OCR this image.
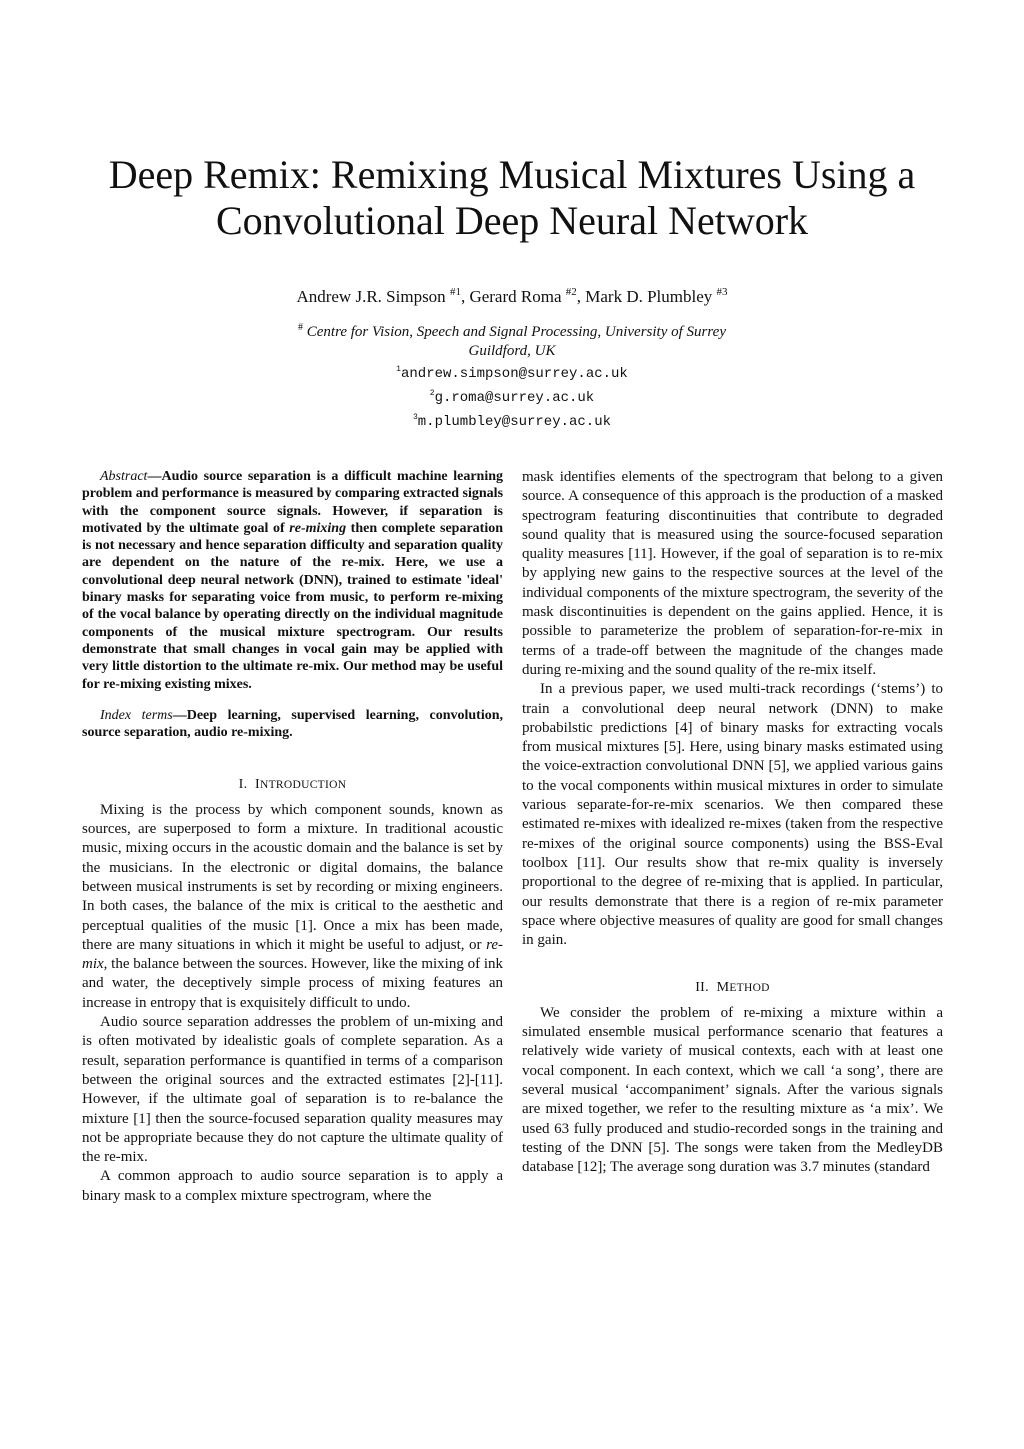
Deep Remix: Remixing Musical Mixtures Using a
Convolutional Deep Neural Network
Andrew J.R. Simpson $^{\#1}$, Gerard Roma $^{\#2}$, Mark D. Plumbley $^{\#3}$
# Centre for Vision, Speech and Signal Processing, University of Surrey
Guildford, UK
$^1$andrew.simpson@surrey.ac.uk
$^2$g.roma@surrey.ac.uk
$^3$m.plumbley@surrey.ac.uk

Abstract—Audio source separation is a difficult machine learning problem and performance is measured by comparing extracted signals with the component source signals. However, if separation is motivated by the ultimate goal of re-mixing then complete separation is not necessary and hence separation difficulty and separation quality are dependent on the nature of the re-mix. Here, we use a convolutional deep neural network (DNN), trained to estimate 'ideal' binary masks for separating voice from music, to perform re-mixing of the vocal balance by operating directly on the individual magnitude components of the musical mixture spectrogram. Our results demonstrate that small changes in vocal gain may be applied with very little distortion to the ultimate re-mix. Our method may be useful for re-mixing existing mixes.

Index terms—Deep learning, supervised learning, convolution, source separation, audio re-mixing.

I. INTRODUCTION

Mixing is the process by which component sounds, known as sources, are superposed to form a mixture. In traditional acoustic music, mixing occurs in the acoustic domain and the balance is set by the musicians. In the electronic or digital domains, the balance between musical instruments is set by recording or mixing engineers. In both cases, the balance of the mix is critical to the aesthetic and perceptual qualities of the music [1]. Once a mix has been made, there are many situations in which it might be useful to adjust, or re-mix, the balance between the sources. However, like the mixing of ink and water, the deceptively simple process of mixing features an increase in entropy that is exquisitely difficult to undo.

Audio source separation addresses the problem of un-mixing and is often motivated by idealistic goals of complete separation. As a result, separation performance is quantified in terms of a comparison between the original sources and the extracted estimates [2]-[11]. However, if the ultimate goal of separation is to re-balance the mixture [1] then the source-focused separation quality measures may not be appropriate because they do not capture the ultimate quality of the re-mix.

A common approach to audio source separation is to apply a binary mask to a complex mixture spectrogram, where the

mask identifies elements of the spectrogram that belong to a given source. A consequence of this approach is the production of a masked spectrogram featuring discontinuities that contribute to degraded sound quality that is measured using the source-focused separation quality measures [11]. However, if the goal of separation is to re-mix by applying new gains to the respective sources at the level of the individual components of the mixture spectrogram, the severity of the mask discontinuities is dependent on the gains applied. Hence, it is possible to parameterize the problem of separation-for-re-mix in terms of a trade-off between the magnitude of the changes made during re-mixing and the sound quality of the re-mix itself.

In a previous paper, we used multi-track recordings (‘stems’) to train a convolutional deep neural network (DNN) to make probabilstic predictions [4] of binary masks for extracting vocals from musical mixtures [5]. Here, using binary masks estimated using the voice-extraction convolutional DNN [5], we applied various gains to the vocal components within musical mixtures in order to simulate various separate-for-re-mix scenarios. We then compared these estimated re-mixes with idealized re-mixes (taken from the respective re-mixes of the original source components) using the BSS-Eval toolbox [11]. Our results show that re-mix quality is inversely proportional to the degree of re-mixing that is applied. In particular, our results demonstrate that there is a region of re-mix parameter space where objective measures of quality are good for small changes in gain.

II. METHOD

We consider the problem of re-mixing a mixture within a simulated ensemble musical performance scenario that features a relatively wide variety of musical contexts, each with at least one vocal component. In each context, which we call ‘a song’, there are several musical ‘accompaniment’ signals. After the various signals are mixed together, we refer to the resulting mixture as ‘a mix’. We used 63 fully produced and studio-recorded songs in the training and testing of the DNN [5]. The songs were taken from the MedleyDB database [12]; The average song duration was 3.7 minutes (standard
